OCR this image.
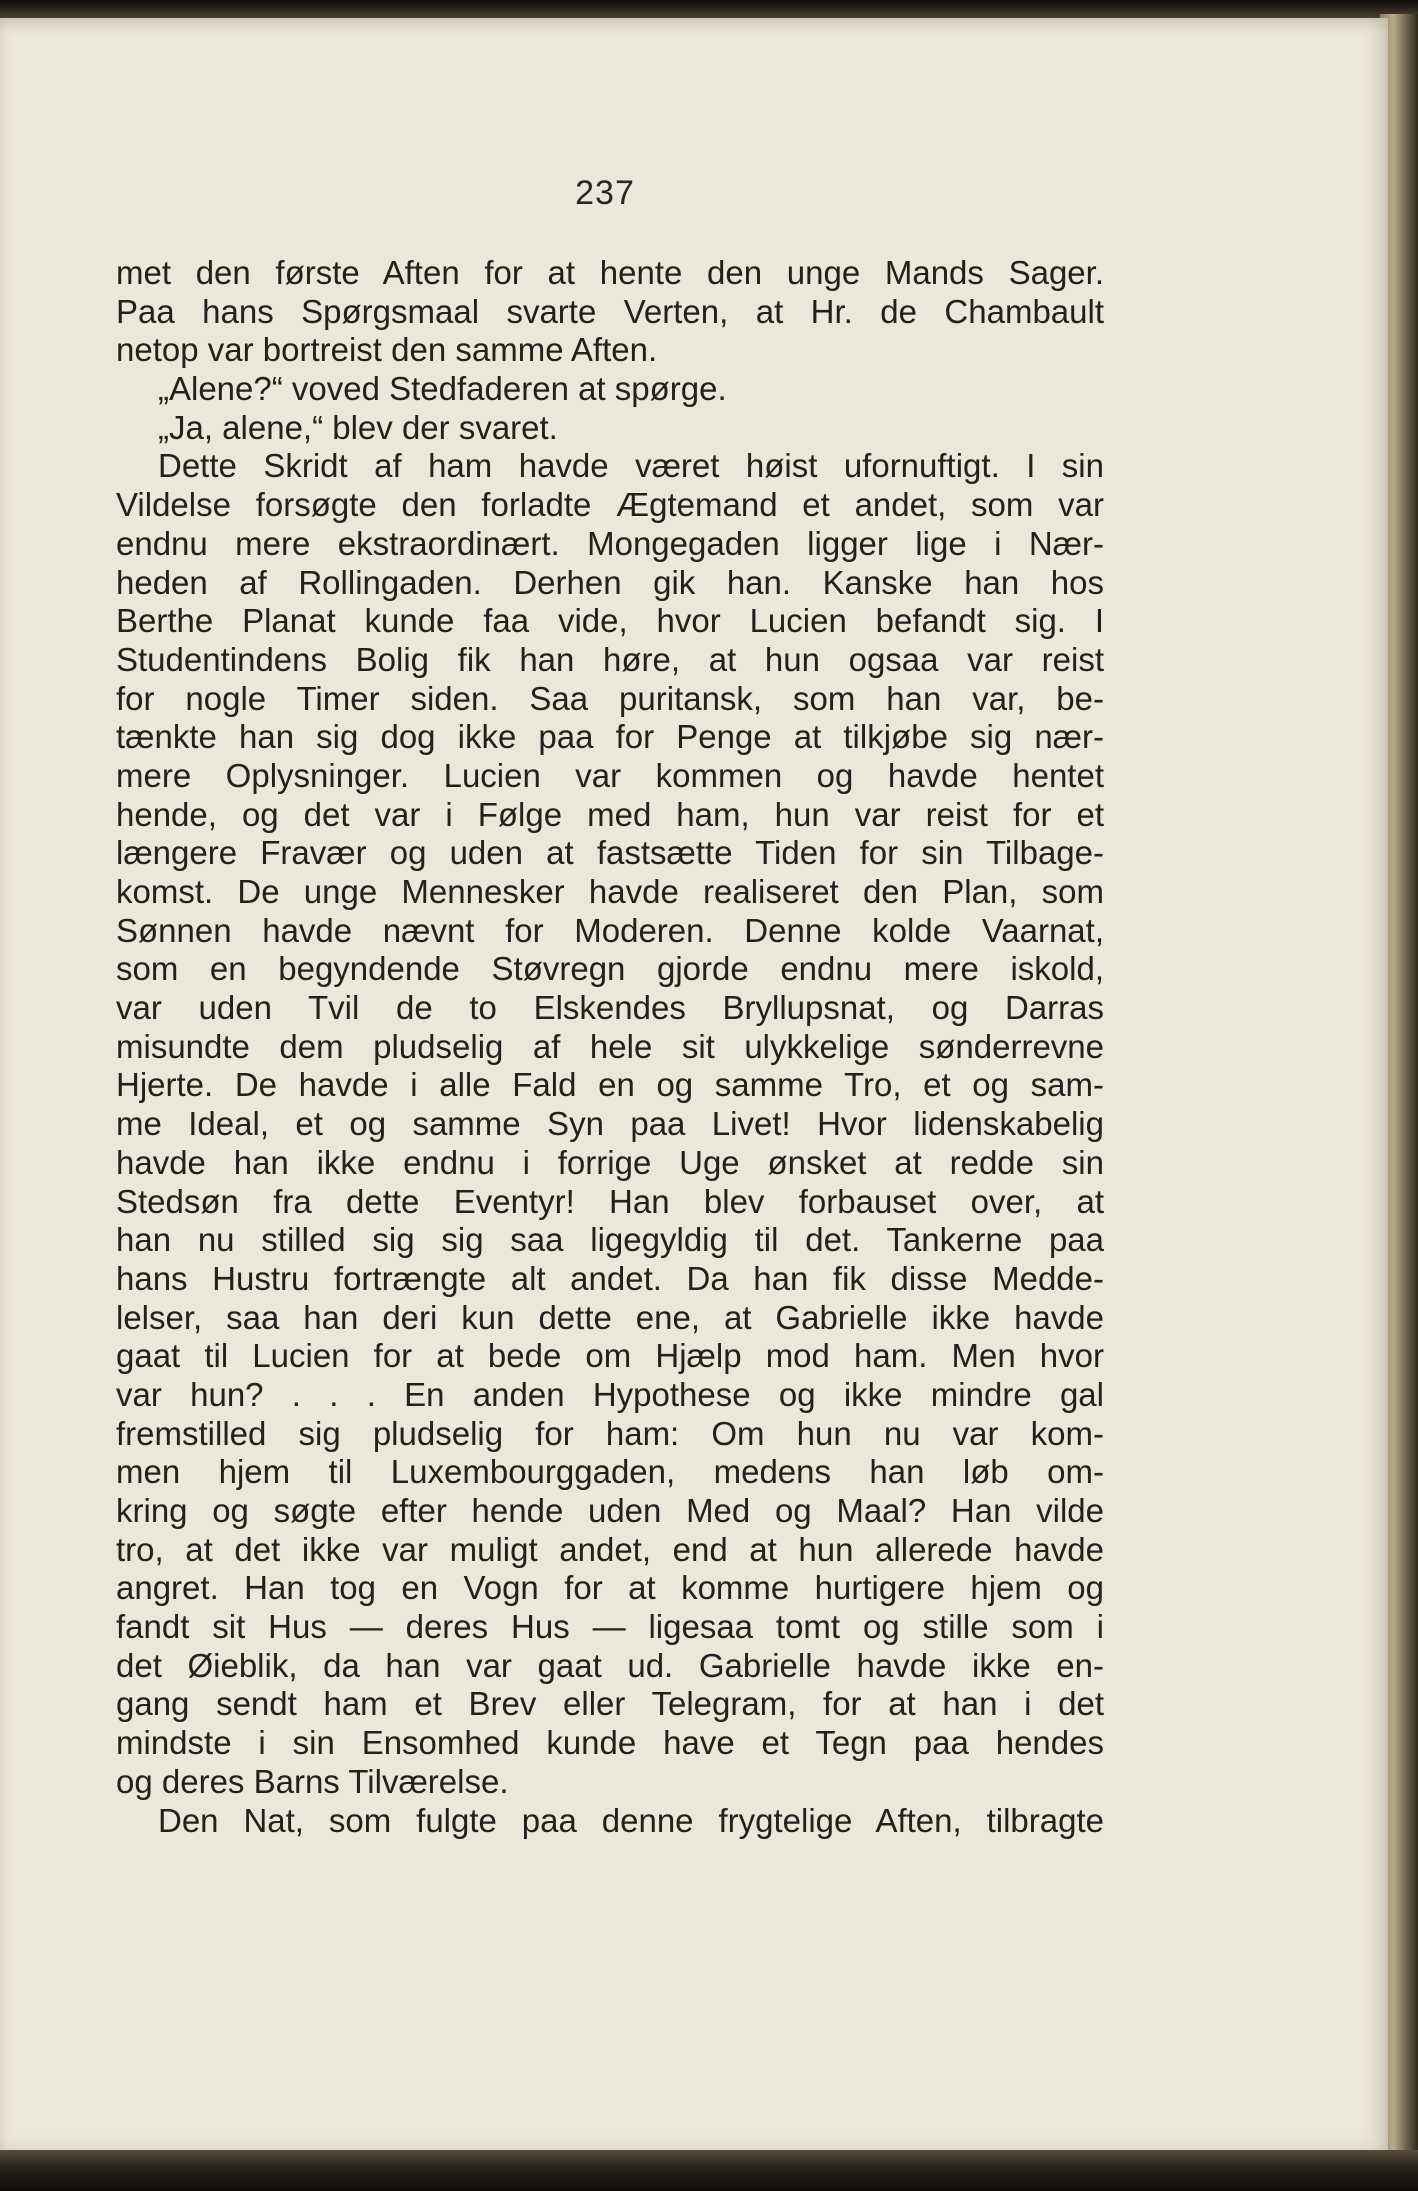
237
met den første Aften for at hente den unge Mands Sager.
Paa hans Spørgsmaal svarte Verten, at Hr. de Chambault
netop var bortreist den samme Aften.
„Alene?“ voved Stedfaderen at spørge.
„Ja, alene,“ blev der svaret.
Dette Skridt af ham havde været høist ufornuftigt. I sin
Vildelse forsøgte den forladte Ægtemand et andet, som var
endnu mere ekstraordinært. Mongegaden ligger lige i Nær-
heden af Rollingaden. Derhen gik han. Kanske han hos
Berthe Planat kunde faa vide, hvor Lucien befandt sig. I
Studentindens Bolig fik han høre, at hun ogsaa var reist
for nogle Timer siden. Saa puritansk, som han var, be-
tænkte han sig dog ikke paa for Penge at tilkjøbe sig nær-
mere Oplysninger. Lucien var kommen og havde hentet
hende, og det var i Følge med ham, hun var reist for et
længere Fravær og uden at fastsætte Tiden for sin Tilbage-
komst. De unge Mennesker havde realiseret den Plan, som
Sønnen havde nævnt for Moderen. Denne kolde Vaarnat,
som en begyndende Støvregn gjorde endnu mere iskold,
var uden Tvil de to Elskendes Bryllupsnat, og Darras
misundte dem pludselig af hele sit ulykkelige sønderrevne
Hjerte. De havde i alle Fald en og samme Tro, et og sam-
me Ideal, et og samme Syn paa Livet! Hvor lidenskabelig
havde han ikke endnu i forrige Uge ønsket at redde sin
Stedsøn fra dette Eventyr! Han blev forbauset over, at
han nu stilled sig sig saa ligegyldig til det. Tankerne paa
hans Hustru fortrængte alt andet. Da han fik disse Medde-
lelser, saa han deri kun dette ene, at Gabrielle ikke havde
gaat til Lucien for at bede om Hjælp mod ham. Men hvor
var hun? . . . En anden Hypothese og ikke mindre gal
fremstilled sig pludselig for ham: Om hun nu var kom-
men hjem til Luxembourggaden, medens han løb om-
kring og søgte efter hende uden Med og Maal? Han vilde
tro, at det ikke var muligt andet, end at hun allerede havde
angret. Han tog en Vogn for at komme hurtigere hjem og
fandt sit Hus — deres Hus — ligesaa tomt og stille som i
det Øieblik, da han var gaat ud. Gabrielle havde ikke en-
gang sendt ham et Brev eller Telegram, for at han i det
mindste i sin Ensomhed kunde have et Tegn paa hendes
og deres Barns Tilværelse.
Den Nat, som fulgte paa denne frygtelige Aften, tilbragte
